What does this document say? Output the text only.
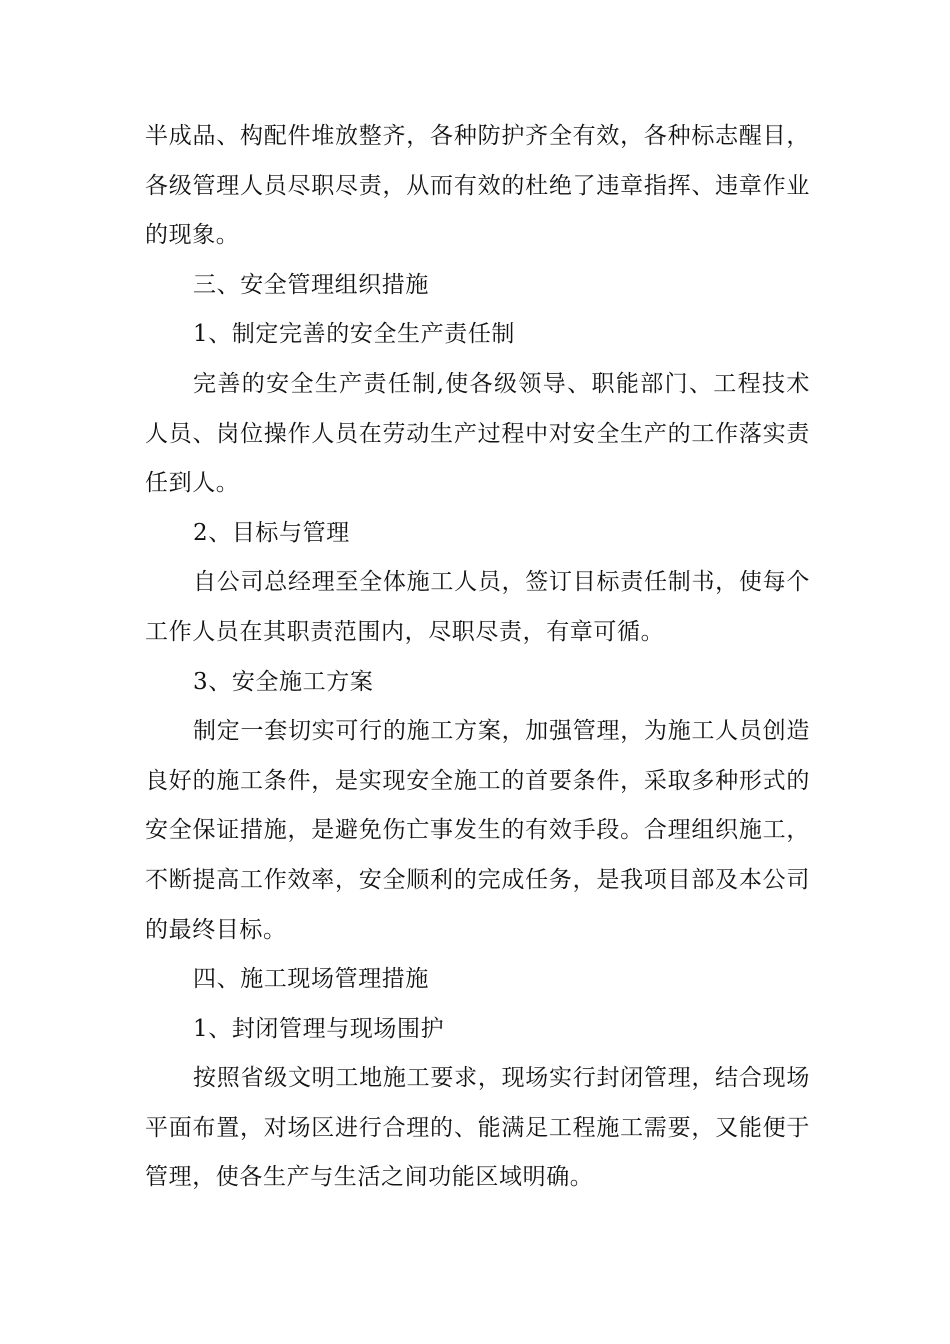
半成品、构配件堆放整齐，各种防护齐全有效，各种标志醒目，各级管理人员尽职尽责，从而有效的杜绝了违章指挥、违章作业的现象。

三、安全管理组织措施

1、制定完善的安全生产责任制

完善的安全生产责任制,使各级领导、职能部门、工程技术人员、岗位操作人员在劳动生产过程中对安全生产的工作落实责任到人。

2、目标与管理

自公司总经理至全体施工人员，签订目标责任制书，使每个工作人员在其职责范围内，尽职尽责，有章可循。

3、安全施工方案

制定一套切实可行的施工方案，加强管理，为施工人员创造良好的施工条件，是实现安全施工的首要条件，采取多种形式的安全保证措施，是避免伤亡事发生的有效手段。合理组织施工，不断提高工作效率，安全顺利的完成任务，是我项目部及本公司的最终目标。

四、施工现场管理措施

1、封闭管理与现场围护

按照省级文明工地施工要求，现场实行封闭管理，结合现场平面布置，对场区进行合理的、能满足工程施工需要，又能便于管理，使各生产与生活之间功能区域明确。
